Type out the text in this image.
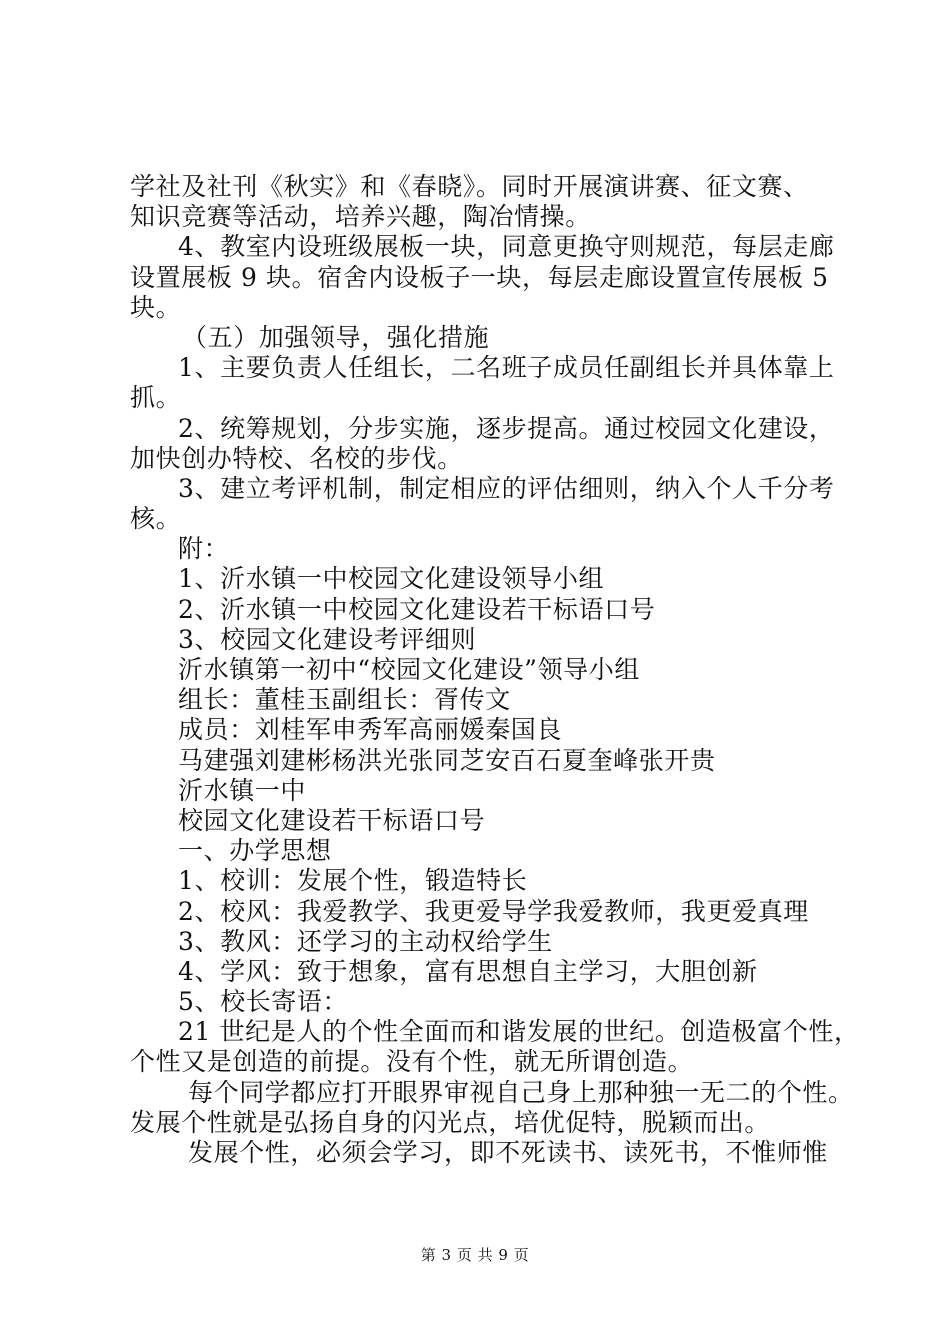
学社及社刊《秋实》和《春晓》。同时开展演讲赛、征文赛、
知识竞赛等活动，培养兴趣，陶冶情操。
4、教室内设班级展板一块，同意更换守则规范，每层走廊
设置展板 9 块。宿舍内设板子一块，每层走廊设置宣传展板 5
块。
（五）加强领导，强化措施
1、主要负责人任组长，二名班子成员任副组长并具体靠上
抓。
2、统筹规划，分步实施，逐步提高。通过校园文化建设，
加快创办特校、名校的步伐。
3、建立考评机制，制定相应的评估细则，纳入个人千分考
核。
附：
1、沂水镇一中校园文化建设领导小组
2、沂水镇一中校园文化建设若干标语口号
3、校园文化建设考评细则
沂水镇第一初中“校园文化建设”领导小组
组长：董桂玉副组长：胥传文
成员：刘桂军申秀军高丽媛秦国良
马建强刘建彬杨洪光张同芝安百石夏奎峰张开贵
沂水镇一中
校园文化建设若干标语口号
一、办学思想
1、校训：发展个性，锻造特长
2、校风：我爱教学、我更爱导学我爱教师，我更爱真理
3、教风：还学习的主动权给学生
4、学风：致于想象，富有思想自主学习，大胆创新
5、校长寄语：
21 世纪是人的个性全面而和谐发展的世纪。创造极富个性，
个性又是创造的前提。没有个性，就无所谓创造。
每个同学都应打开眼界审视自己身上那种独一无二的个性。
发展个性就是弘扬自身的闪光点，培优促特，脱颖而出。
发展个性，必须会学习，即不死读书、读死书，不惟师惟
第 3 页 共 9 页
